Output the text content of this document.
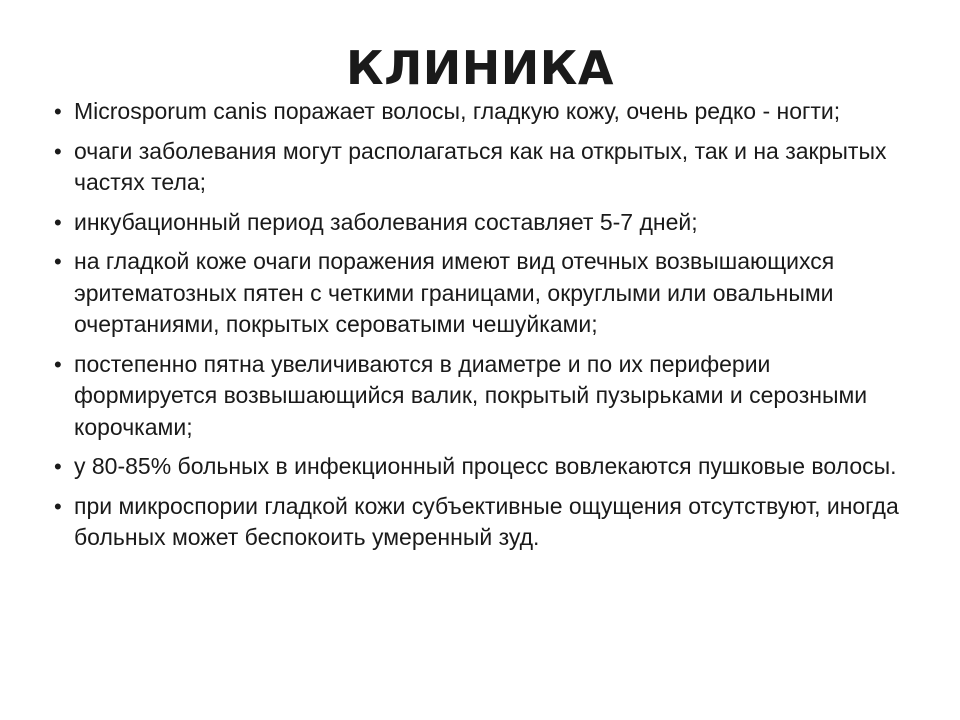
КЛИНИКА
• Microsporum canis поражает волосы, гладкую кожу, очень редко - ногти;
• очаги заболевания могут располагаться как на открытых, так и на закрытых частях тела;
• инкубационный период заболевания составляет 5-7 дней;
• на гладкой коже очаги поражения имеют вид отечных возвышающихся эритематозных пятен с четкими границами, округлыми или овальными очертаниями, покрытых сероватыми чешуйками;
• постепенно пятна увеличиваются в диаметре и по их периферии формируется возвышающийся валик, покрытый пузырьками и серозными корочками;
• у 80-85% больных в инфекционный процесс вовлекаются пушковые волосы.
• при микроспории гладкой кожи субъективные ощущения отсутствуют, иногда больных может беспокоить умеренный зуд.
